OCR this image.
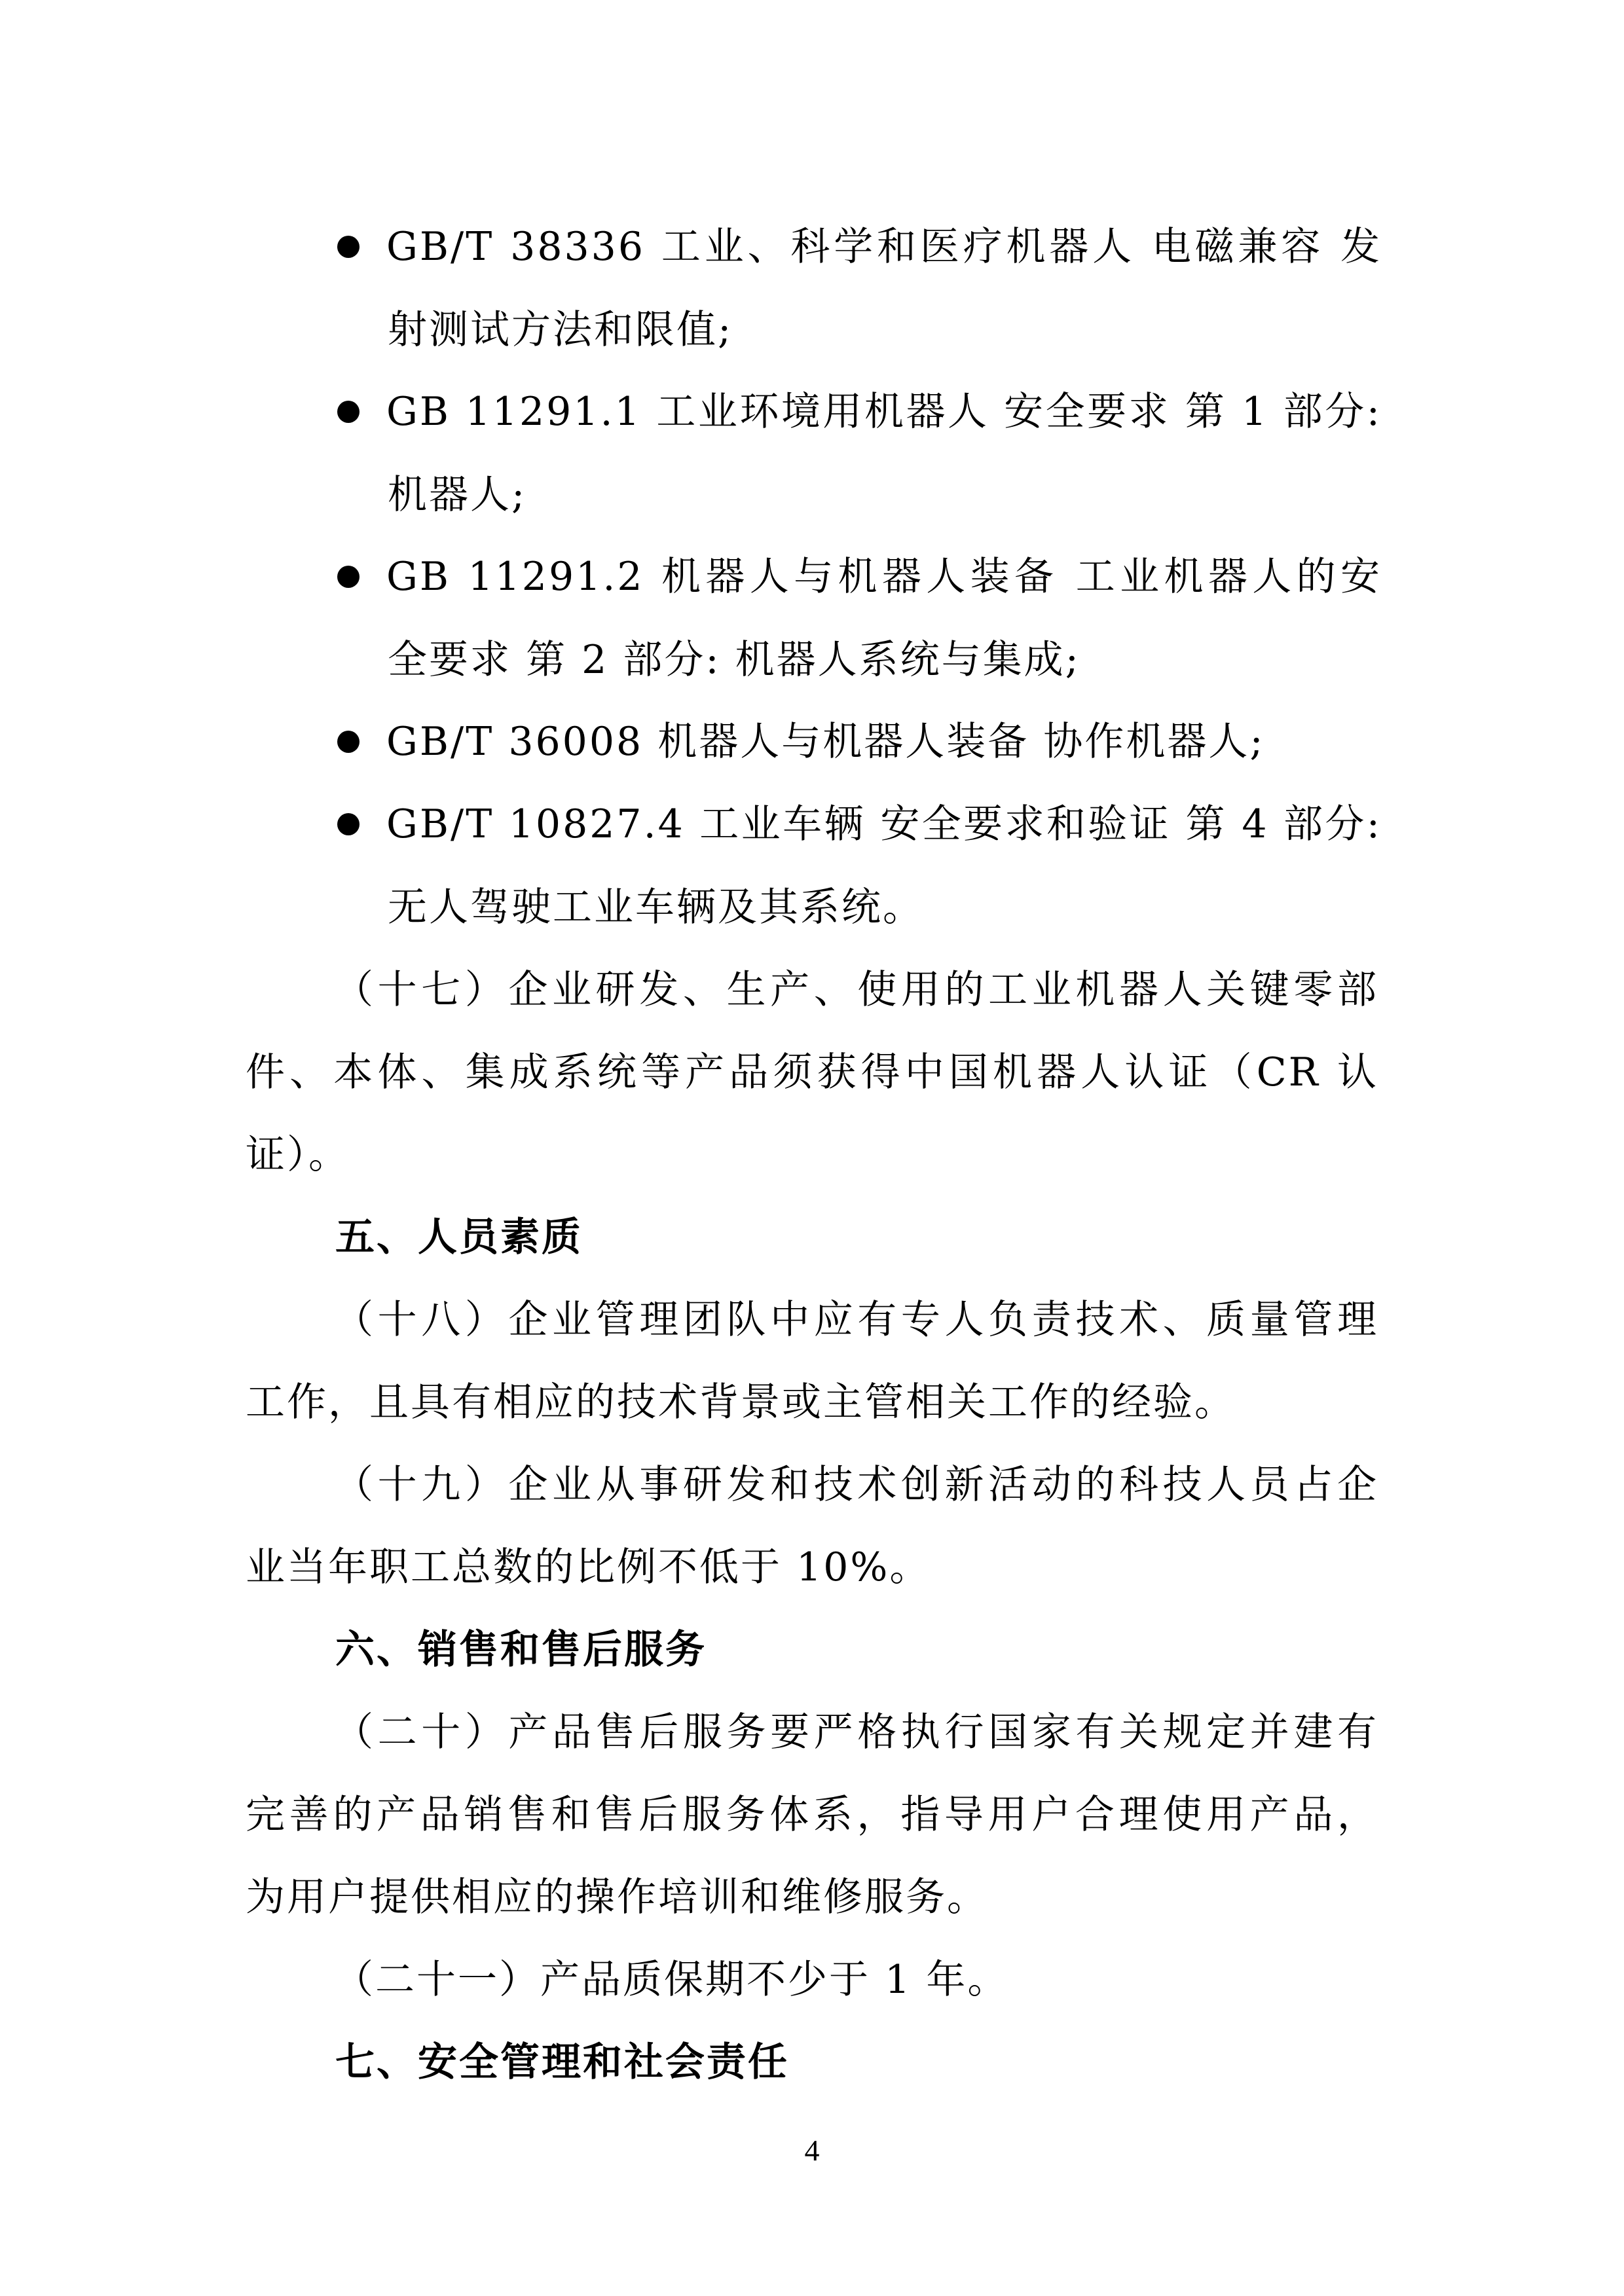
GB/T 38336 工业、科学和医疗机器人 电磁兼容 发
射测试方法和限值;
GB 11291.1 工业环境用机器人 安全要求 第 1 部分:
机器人;
GB 11291.2 机器人与机器人装备 工业机器人的安
全要求 第 2 部分: 机器人系统与集成;
GB/T 36008 机器人与机器人装备 协作机器人;
GB/T 10827.4 工业车辆 安全要求和验证 第 4 部分:
无人驾驶工业车辆及其系统。
（十七）企业研发、生产、使用的工业机器人关键零部
件、本体、集成系统等产品须获得中国机器人认证（CR 认
证）。
五、人员素质
（十八）企业管理团队中应有专人负责技术、质量管理
工作，且具有相应的技术背景或主管相关工作的经验。
（十九）企业从事研发和技术创新活动的科技人员占企
业当年职工总数的比例不低于 10%。
六、销售和售后服务
（二十）产品售后服务要严格执行国家有关规定并建有
完善的产品销售和售后服务体系，指导用户合理使用产品，
为用户提供相应的操作培训和维修服务。
（二十一）产品质保期不少于 1 年。
七、安全管理和社会责任
4
